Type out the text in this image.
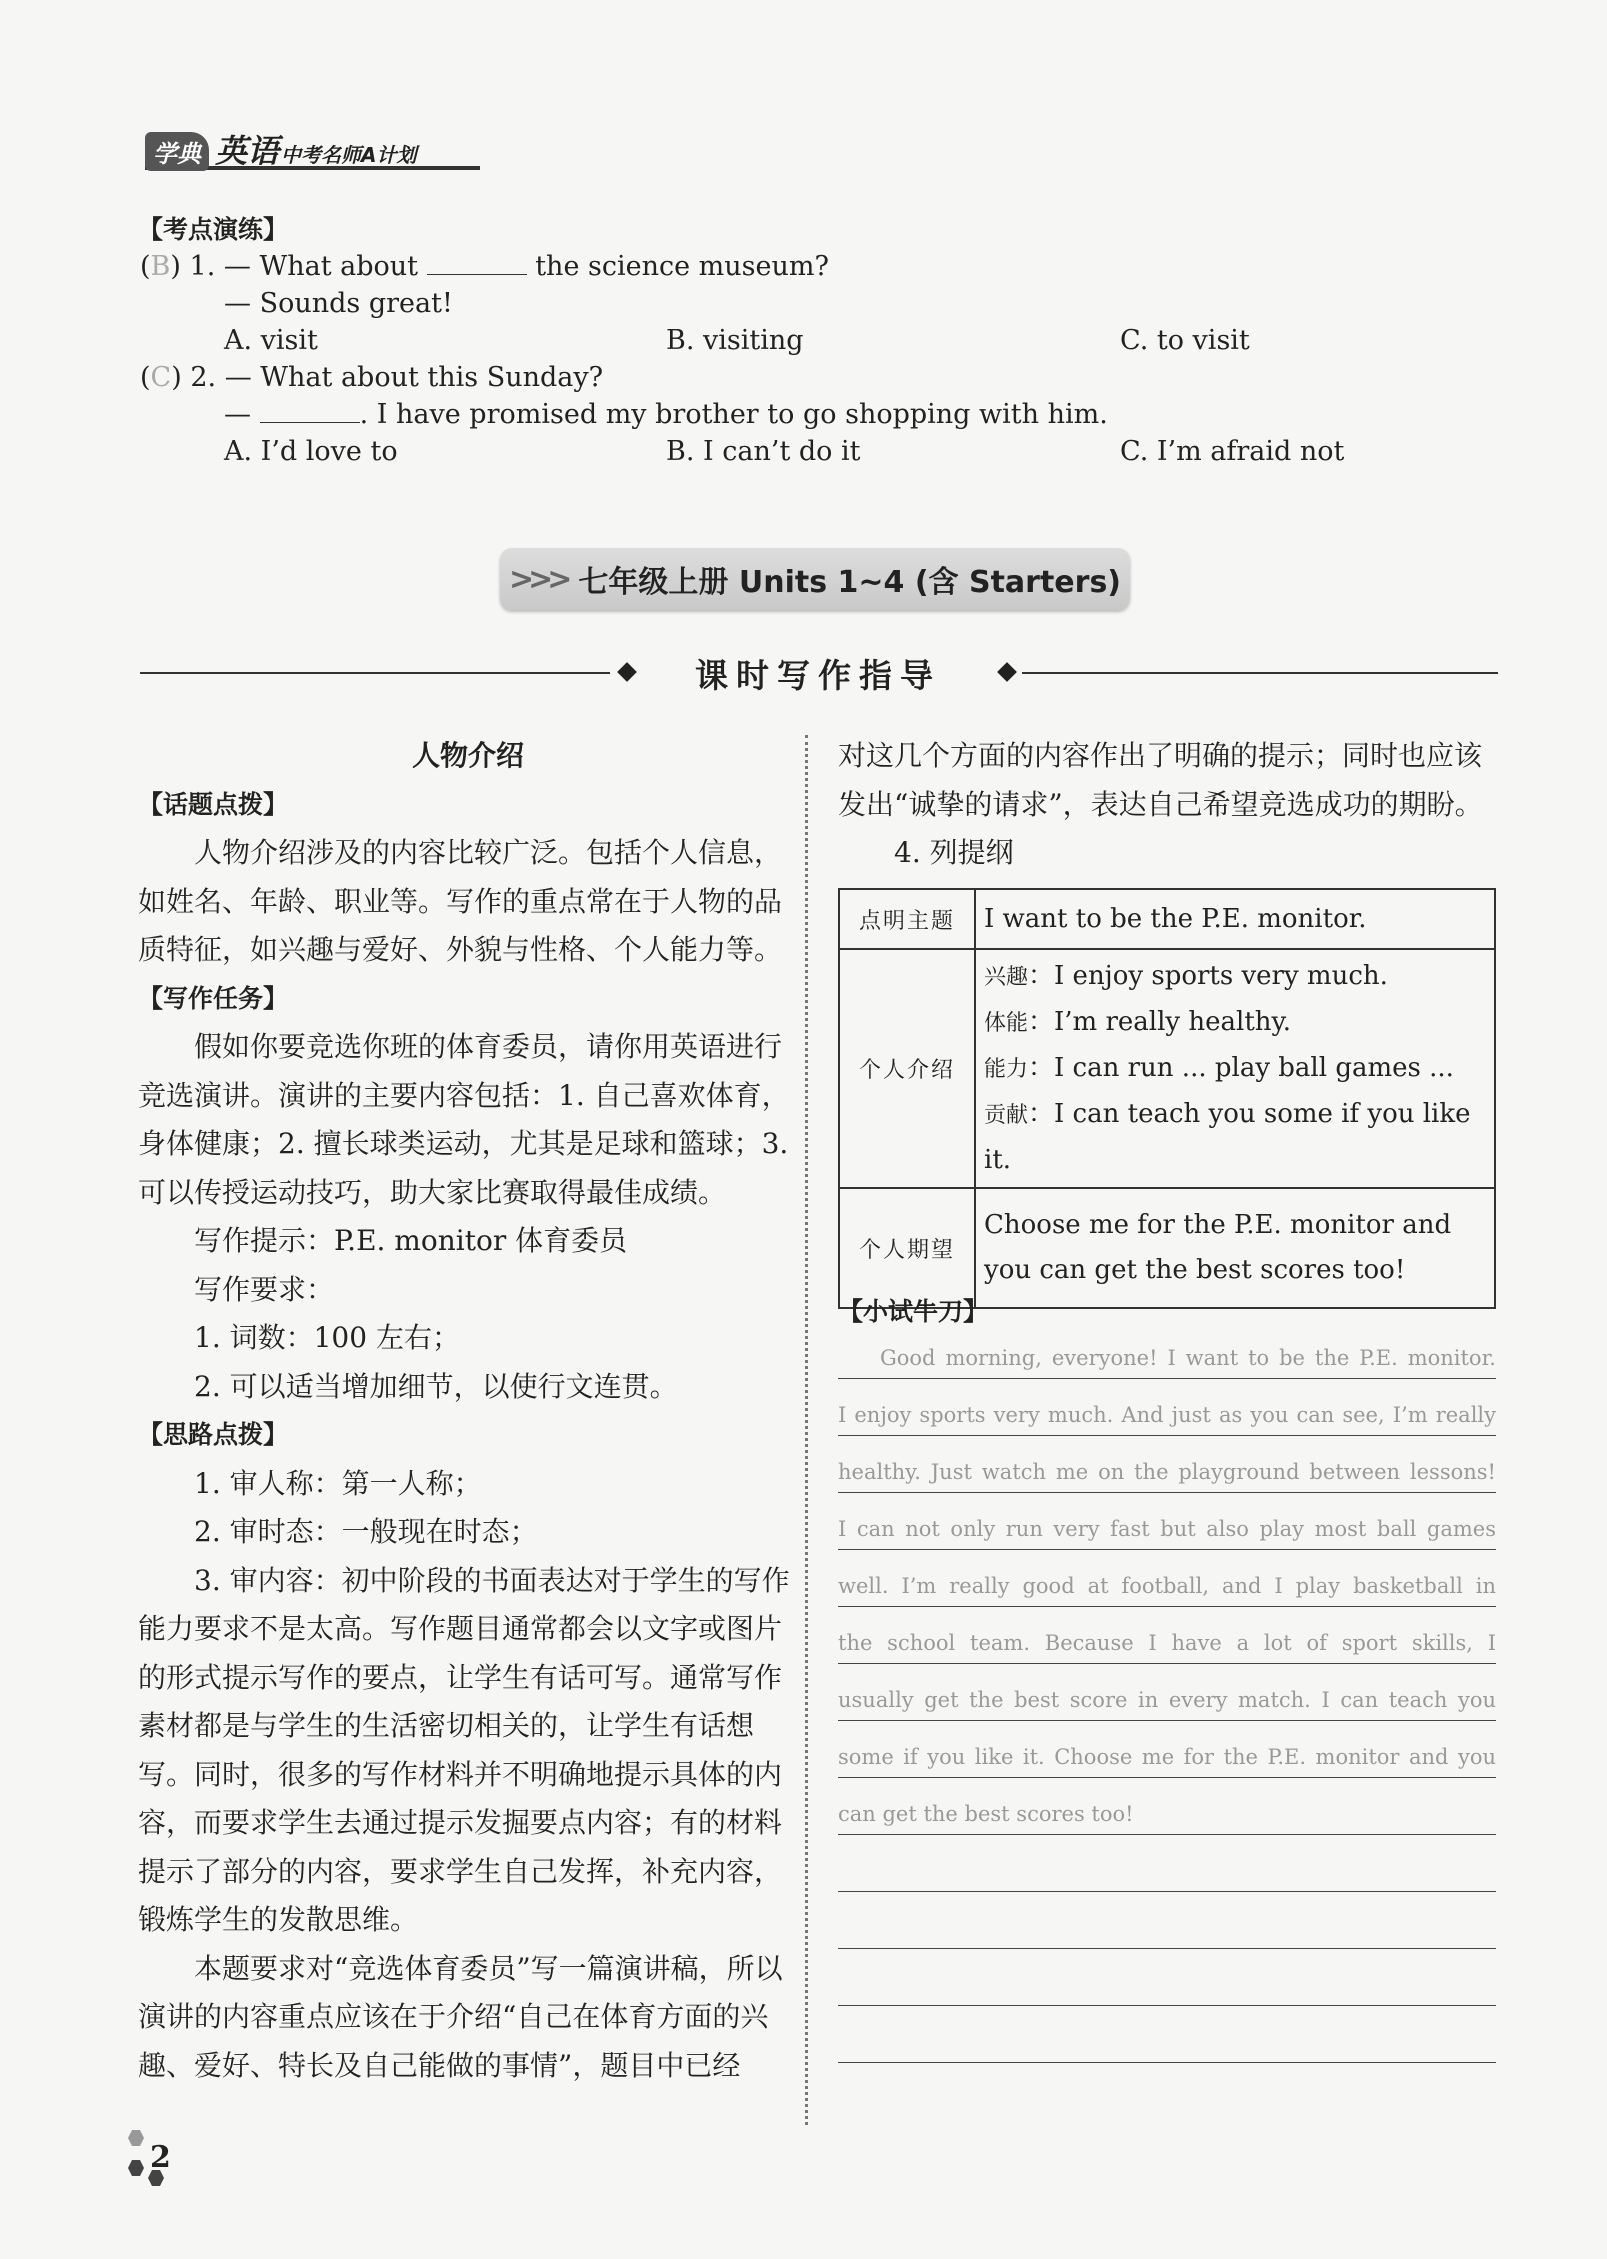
学典 英语 中考名师A计划
【考点演练】
(B) 1. — What about	the science museum?
— Sounds great!
A. visit	B. visiting	C. to visit
(C) 2. — What about this Sunday?
—	. I have promised my brother to go shopping with him.
A. I’d love to	B. I can’t do it	C. I’m afraid not
>>> 七年级上册 Units 1~4 (含 Starters)
课时写作指导

人物介绍

【话题点拨】

人物介绍涉及的内容比较广泛。包括个人信息，如姓名、年龄、职业等。写作的重点常在于人物的品质特征，如兴趣与爱好、外貌与性格、个人能力等。

【写作任务】

假如你要竞选你班的体育委员，请你用英语进行竞选演讲。演讲的主要内容包括：1. 自己喜欢体育，身体健康；2. 擅长球类运动，尤其是足球和篮球；3. 可以传授运动技巧，助大家比赛取得最佳成绩。

写作提示：P.E. monitor 体育委员

写作要求：

1. 词数：100 左右；

2. 可以适当增加细节，以使行文连贯。

【思路点拨】

1. 审人称：第一人称；

2. 审时态：一般现在时态；

3. 审内容：初中阶段的书面表达对于学生的写作能力要求不是太高。写作题目通常都会以文字或图片的形式提示写作的要点，让学生有话可写。通常写作素材都是与学生的生活密切相关的，让学生有话想写。同时，很多的写作材料并不明确地提示具体的内容，而要求学生去通过提示发掘要点内容；有的材料提示了部分的内容，要求学生自己发挥，补充内容，锻炼学生的发散思维。

本题要求对“竞选体育委员”写一篇演讲稿，所以演讲的内容重点应该在于介绍“自己在体育方面的兴趣、爱好、特长及自己能做的事情”，题目中已经

对这几个方面的内容作出了明确的提示；同时也应该发出“诚挚的请求”，表达自己希望竞选成功的期盼。

4. 列提纲

点明主题	I want to be the P.E. monitor.
个人介绍	兴趣：I enjoy sports very much.
体能：I’m really healthy.
能力：I can run ... play ball games ...
贡献：I can teach you some if you like it.

个人期望	Choose me for the P.E. monitor and you can get the best scores too!
【小试牛刀】
Good morning, everyone! I want to be the P.E. monitor.
I enjoy sports very much. And just as you can see, I’m really
healthy. Just watch me on the playground between lessons!
I can not only run very fast but also play most ball games
well. I’m really good at football, and I play basketball in
the school team. Because I have a lot of sport skills, I
usually get the best score in every match. I can teach you
some if you like it. Choose me for the P.E. monitor and you
can get the best scores too!
2
